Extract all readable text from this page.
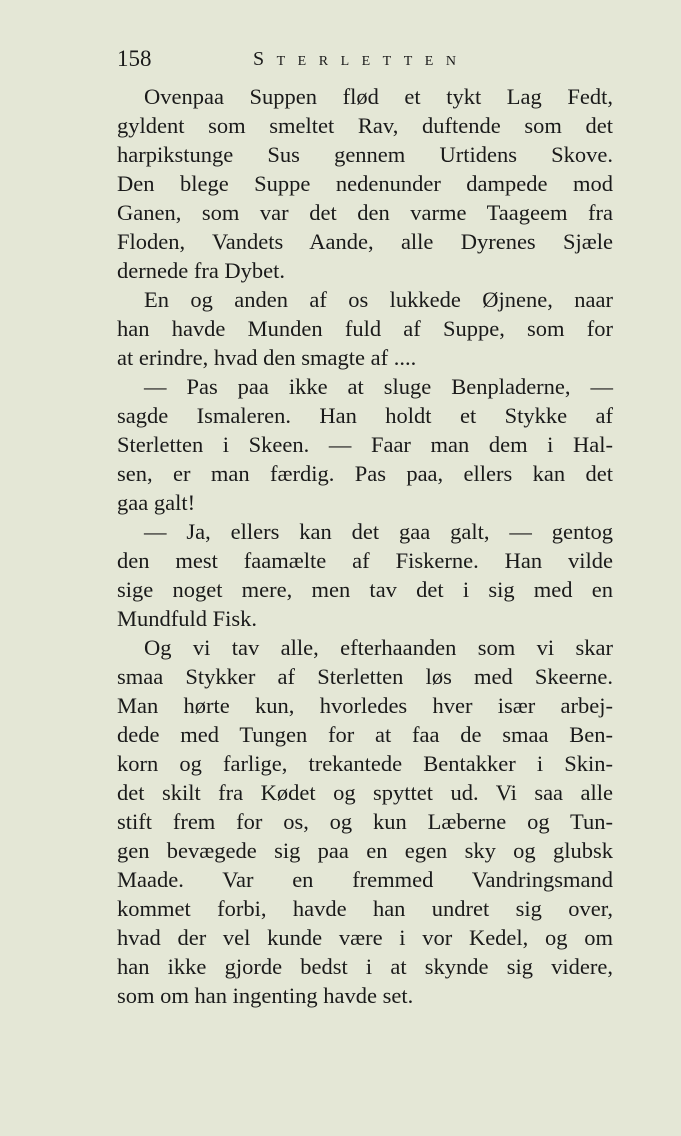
158	Sterletten
Ovenpaa Suppen flød et tykt Lag Fedt,
gyldent som smeltet Rav, duftende som det
harpikstunge Sus gennem Urtidens Skove.
Den blege Suppe nedenunder dampede mod
Ganen, som var det den varme Taageem fra
Floden, Vandets Aande, alle Dyrenes Sjæle
dernede fra Dybet.
En og anden af os lukkede Øjnene, naar
han havde Munden fuld af Suppe, som for
at erindre, hvad den smagte af ....
— Pas paa ikke at sluge Benpladerne, —
sagde Ismaleren. Han holdt et Stykke af
Sterletten i Skeen. — Faar man dem i Hal-
sen, er man færdig. Pas paa, ellers kan det
gaa galt!
— Ja, ellers kan det gaa galt, — gentog
den mest faamælte af Fiskerne. Han vilde
sige noget mere, men tav det i sig med en
Mundfuld Fisk.
Og vi tav alle, efterhaanden som vi skar
smaa Stykker af Sterletten løs med Skeerne.
Man hørte kun, hvorledes hver især arbej-
dede med Tungen for at faa de smaa Ben-
korn og farlige, trekantede Bentakker i Skin-
det skilt fra Kødet og spyttet ud. Vi saa alle
stift frem for os, og kun Læberne og Tun-
gen bevægede sig paa en egen sky og glubsk
Maade. Var en fremmed Vandringsmand
kommet forbi, havde han undret sig over,
hvad der vel kunde være i vor Kedel, og om
han ikke gjorde bedst i at skynde sig videre,
som om han ingenting havde set.
